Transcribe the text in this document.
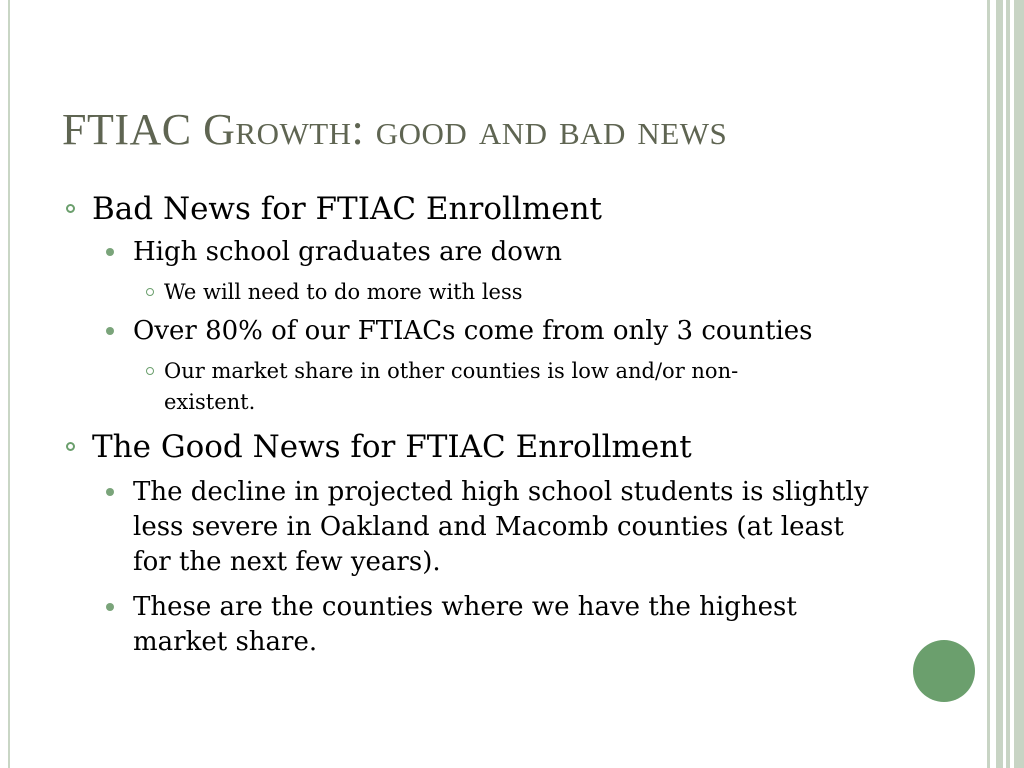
FTIAC Growth: good and bad news
Bad News for FTIAC Enrollment
High school graduates are down
We will need to do more with less
Over 80% of our FTIACs come from only 3 counties
Our market share in other counties is low and/or non-existent.
The Good News for FTIAC Enrollment
The decline in projected high school students is slightly less severe in Oakland and Macomb counties (at least for the next few years).
These are the counties where we have the highest market share.
